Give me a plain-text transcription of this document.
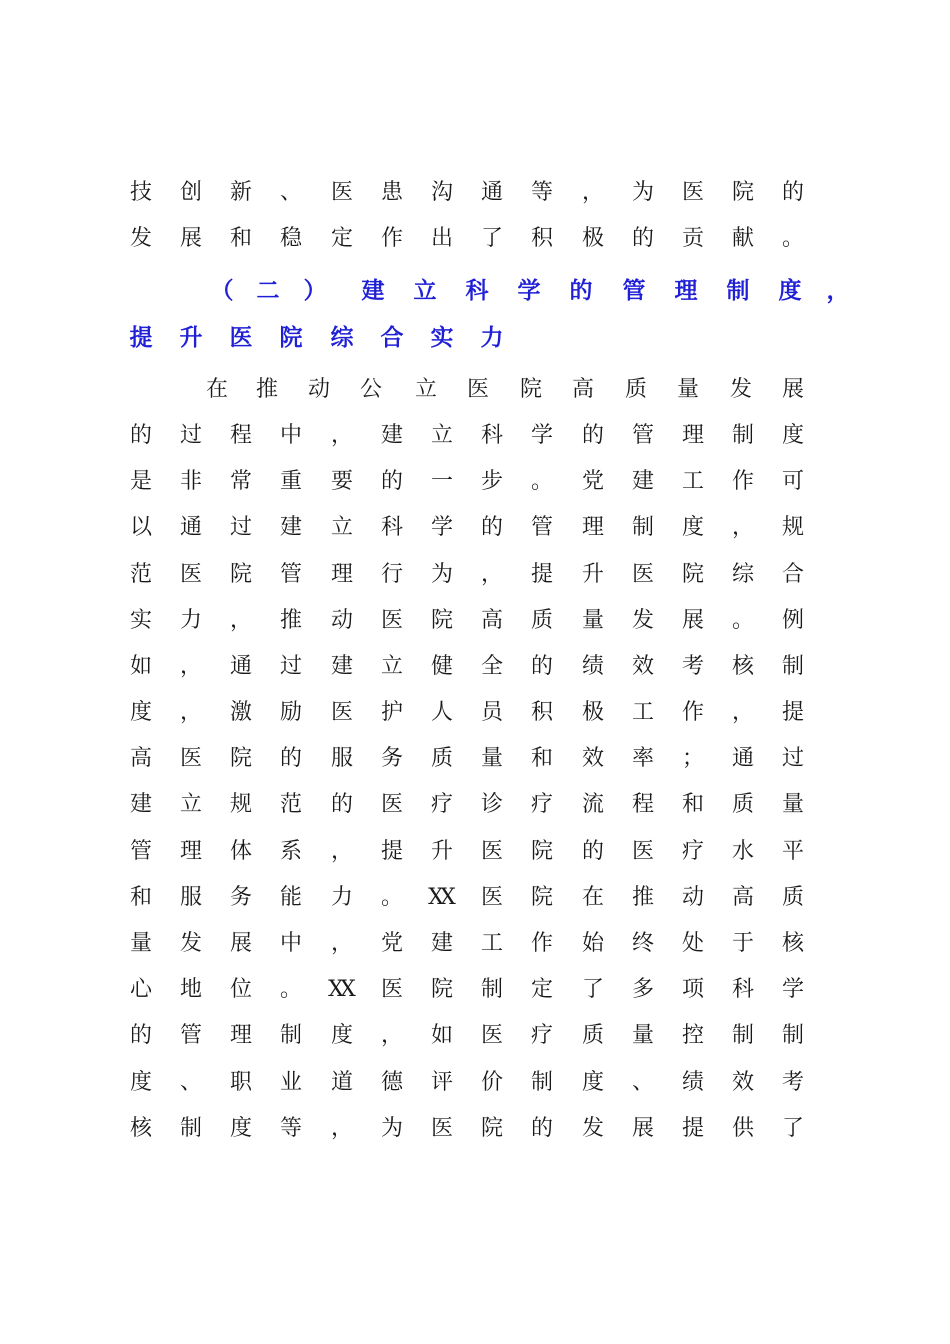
技 创 新 、 医 患 沟 通 等 ， 为 医 院 的
发 展 和 稳 定 作 出 了 积 极 的 贡 献 。
（ 二 ） 建 立 科 学 的 管 理 制 度 ，
提 升 医 院 综 合 实 力
在 推 动 公 立 医 院 高 质 量 发 展
的 过 程 中 ， 建 立 科 学 的 管 理 制 度
是 非 常 重 要 的 一 步 。 党 建 工 作 可
以 通 过 建 立 科 学 的 管 理 制 度 ， 规
范 医 院 管 理 行 为 ， 提 升 医 院 综 合
实 力 ， 推 动 医 院 高 质 量 发 展 。 例
如 ， 通 过 建 立 健 全 的 绩 效 考 核 制
度 ， 激 励 医 护 人 员 积 极 工 作 ， 提
高 医 院 的 服 务 质 量 和 效 率 ； 通 过
建 立 规 范 的 医 疗 诊 疗 流 程 和 质 量
管 理 体 系 ， 提 升 医 院 的 医 疗 水 平
和 服 务 能 力 。	X
X	医 院 在 推 动 高 质
量 发 展 中 ， 党 建 工 作 始 终 处 于 核
心 地 位 。	X
X	医 院 制 定 了 多 项 科 学
的 管 理 制 度 ， 如 医 疗 质 量 控 制 制
度 、 职 业 道 德 评 价 制 度 、 绩 效 考
核 制 度 等 ， 为 医 院 的 发 展 提 供 了
